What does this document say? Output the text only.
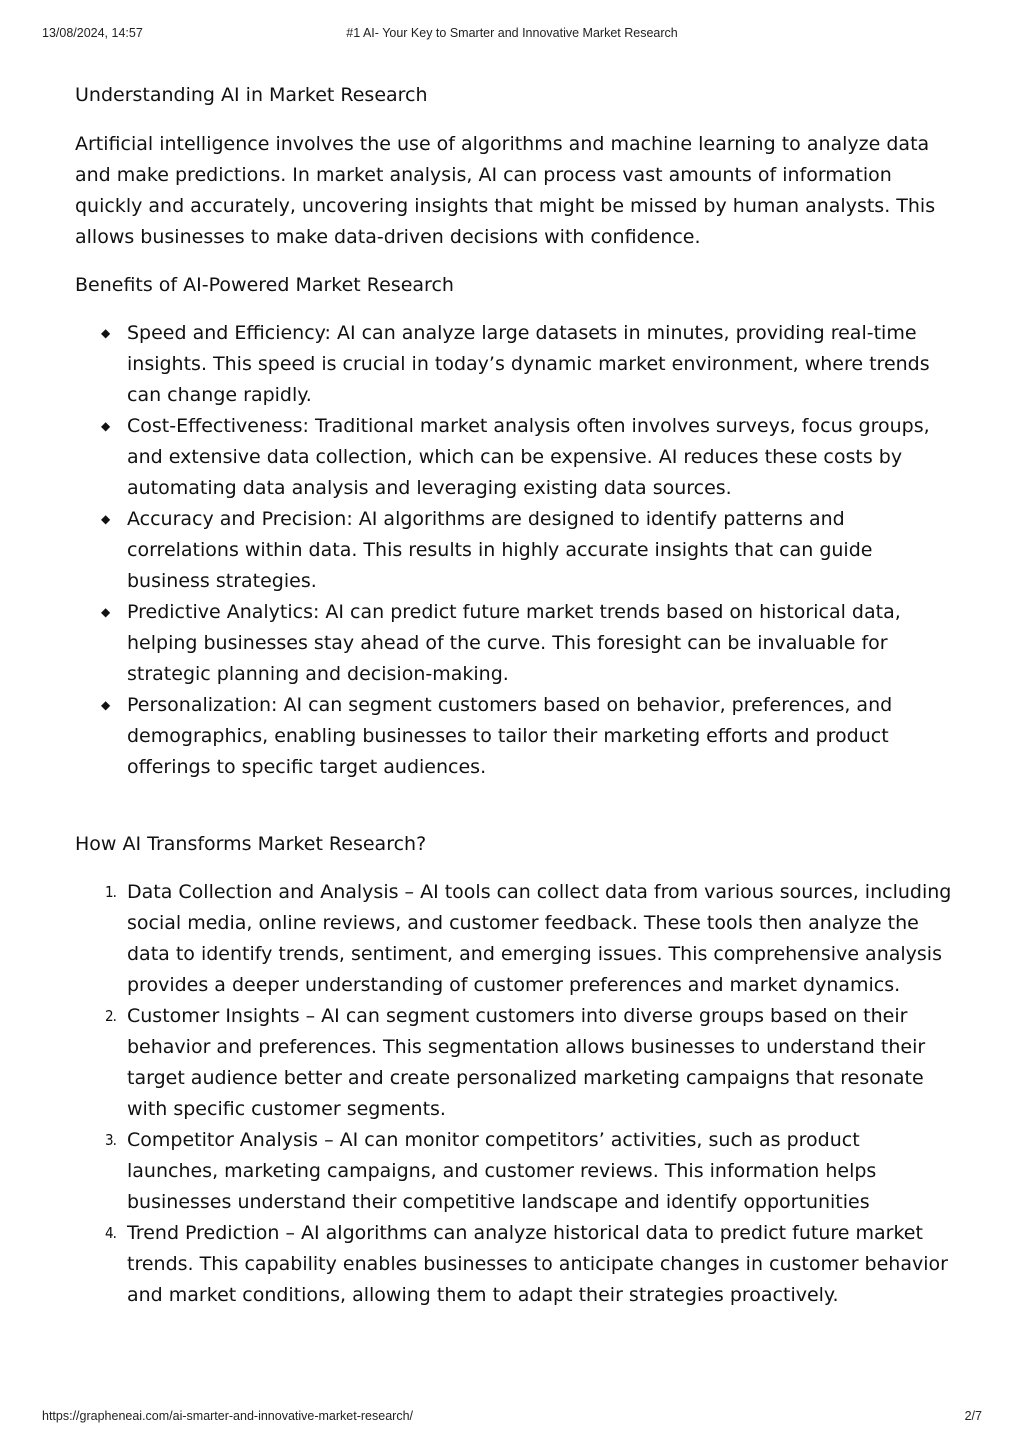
13/08/2024, 14:57	#1 AI- Your Key to Smarter and Innovative Market Research
Understanding AI in Market Research

Artificial intelligence involves the use of algorithms and machine learning to analyze data and make predictions. In market analysis, AI can process vast amounts of information quickly and accurately, uncovering insights that might be missed by human analysts. This allows businesses to make data-driven decisions with confidence.

Benefits of AI-Powered Market Research
◆ Speed and Efficiency: AI can analyze large datasets in minutes, providing real-time insights. This speed is crucial in today’s dynamic market environment, where trends can change rapidly.
◆ Cost-Effectiveness: Traditional market analysis often involves surveys, focus groups, and extensive data collection, which can be expensive. AI reduces these costs by automating data analysis and leveraging existing data sources.
◆ Accuracy and Precision: AI algorithms are designed to identify patterns and correlations within data. This results in highly accurate insights that can guide business strategies.
◆ Predictive Analytics: AI can predict future market trends based on historical data, helping businesses stay ahead of the curve. This foresight can be invaluable for strategic planning and decision-making.
◆ Personalization: AI can segment customers based on behavior, preferences, and demographics, enabling businesses to tailor their marketing efforts and product offerings to specific target audiences.
How AI Transforms Market Research?
1. Data Collection and Analysis – AI tools can collect data from various sources, including social media, online reviews, and customer feedback. These tools then analyze the data to identify trends, sentiment, and emerging issues. This comprehensive analysis provides a deeper understanding of customer preferences and market dynamics.
2. Customer Insights – AI can segment customers into diverse groups based on their behavior and preferences. This segmentation allows businesses to understand their target audience better and create personalized marketing campaigns that resonate with specific customer segments.
3. Competitor Analysis – AI can monitor competitors’ activities, such as product launches, marketing campaigns, and customer reviews. This information helps businesses understand their competitive landscape and identify opportunities
4. Trend Prediction – AI algorithms can analyze historical data to predict future market trends. This capability enables businesses to anticipate changes in customer behavior and market conditions, allowing them to adapt their strategies proactively.
https://grapheneai.com/ai-smarter-and-innovative-market-research/	2/7
